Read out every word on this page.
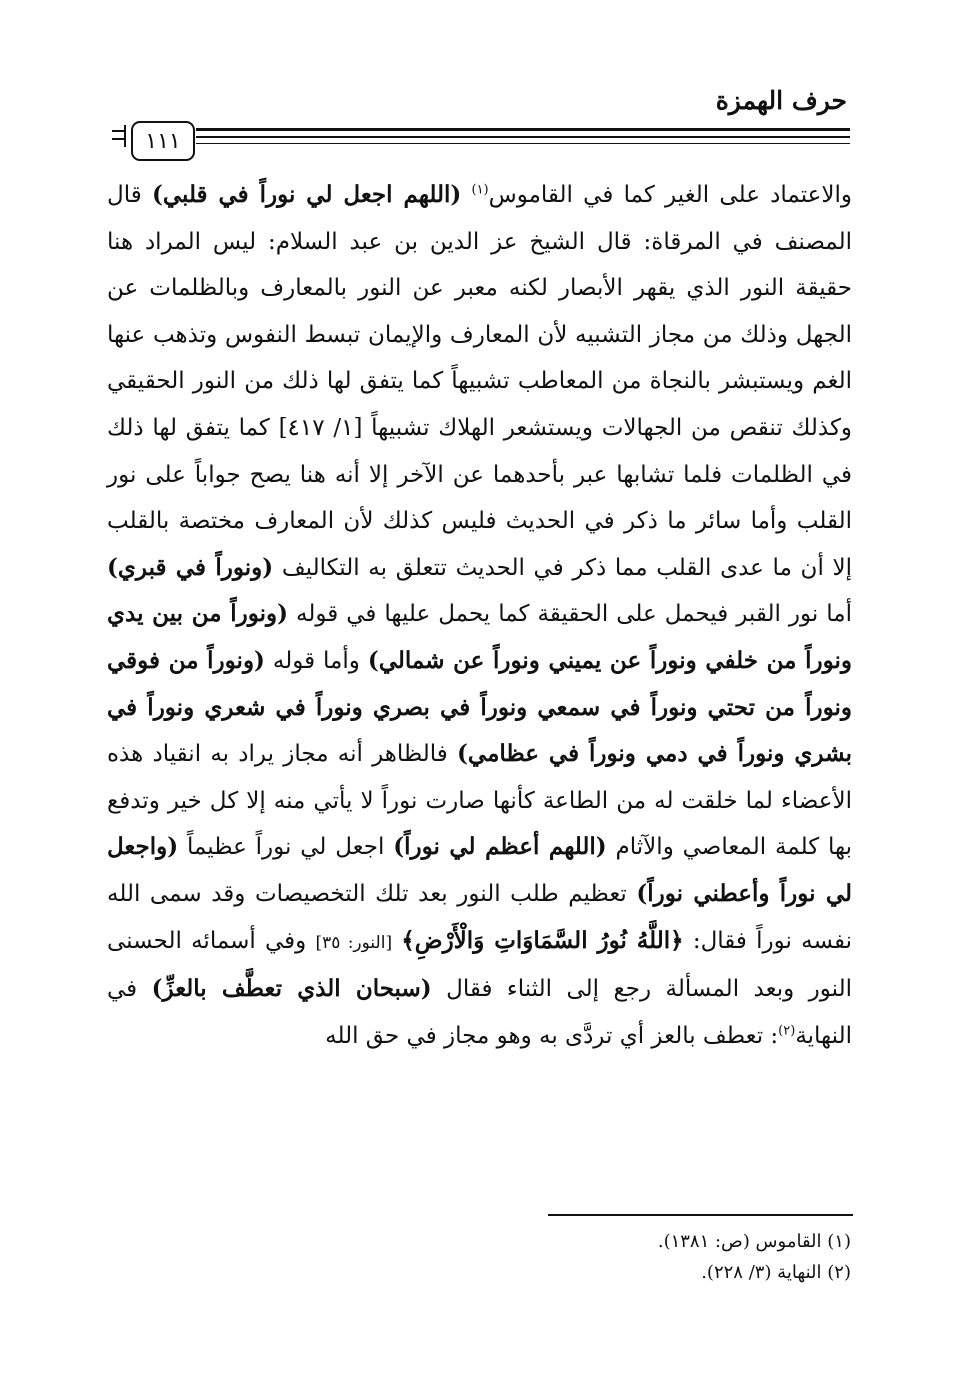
حرف الهمزة
١١١

والاعتماد على الغير كما في القاموس$^{(١)}$ (اللهم اجعل لي نوراً في قلبي) قال المصنف في المرقاة: قال الشيخ عز الدين بن عبد السلام: ليس المراد هنا حقيقة النور الذي يقهر الأبصار لكنه معبر عن النور بالمعارف وبالظلمات عن الجهل وذلك من مجاز التشبيه لأن المعارف والإيمان تبسط النفوس وتذهب عنها الغم ويستبشر بالنجاة من المعاطب تشبيهاً كما يتفق لها ذلك من النور الحقيقي وكذلك تنقص من الجهالات ويستشعر الهلاك تشبيهاً [١/ ٤١٧] كما يتفق لها ذلك في الظلمات فلما تشابها عبر بأحدهما عن الآخر إلا أنه هنا يصح جواباً على نور القلب وأما سائر ما ذكر في الحديث فليس كذلك لأن المعارف مختصة بالقلب إلا أن ما عدى القلب مما ذكر في الحديث تتعلق به التكاليف (ونوراً في قبري) أما نور القبر فيحمل على الحقيقة كما يحمل عليها في قوله (ونوراً من بين يدي ونوراً من خلفي ونوراً عن يميني ونوراً عن شمالي) وأما قوله (ونوراً من فوقي ونوراً من تحتي ونوراً في سمعي ونوراً في بصري ونوراً في شعري ونوراً في بشري ونوراً في دمي ونوراً في عظامي) فالظاهر أنه مجاز يراد به انقياد هذه الأعضاء لما خلقت له من الطاعة كأنها صارت نوراً لا يأتي منه إلا كل خير وتدفع بها كلمة المعاصي والآثام (اللهم أعظم لي نوراً) اجعل لي نوراً عظيماً (واجعل لي نوراً وأعطني نوراً) تعظيم طلب النور بعد تلك التخصيصات وقد سمى الله نفسه نوراً فقال: ﴿اللَّهُ نُورُ السَّمَاوَاتِ وَالْأَرْضِ﴾ [النور: ٣٥] وفي أسمائه الحسنى النور وبعد المسألة رجع إلى الثناء فقال (سبحان الذي تعطَّف بالعزِّ) في النهاية$^{(٢)}$: تعطف بالعز أي تردَّى به وهو مجاز في حق الله

(١) القاموس (ص: ١٣٨١).
(٢) النهاية (٣/ ٢٢٨).
